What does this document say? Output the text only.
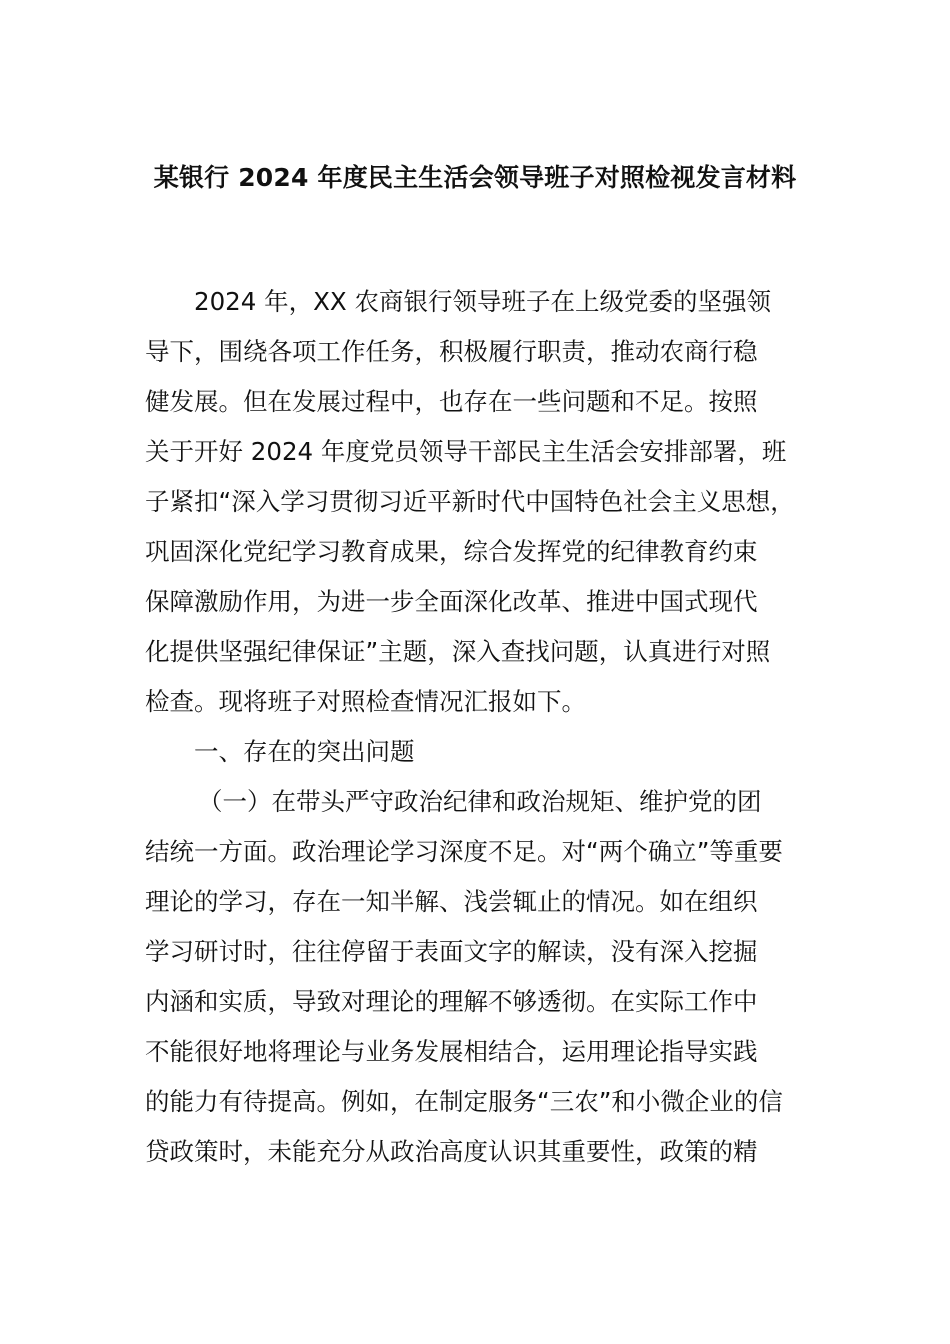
某银行 2024 年度民主生活会领导班子对照检视发言材料

2024 年，XX 农商银行领导班子在上级党委的坚强领

导下，围绕各项工作任务，积极履行职责，推动农商行稳

健发展。但在发展过程中，也存在一些问题和不足。按照

关于开好 2024 年度党员领导干部民主生活会安排部署，班

子紧扣“深入学习贯彻习近平新时代中国特色社会主义思想，

巩固深化党纪学习教育成果，综合发挥党的纪律教育约束

保障激励作用，为进一步全面深化改革、推进中国式现代

化提供坚强纪律保证”主题，深入查找问题，认真进行对照

检查。现将班子对照检查情况汇报如下。

一、存在的突出问题

（一）在带头严守政治纪律和政治规矩、维护党的团

结统一方面。政治理论学习深度不足。对“两个确立”等重要

理论的学习，存在一知半解、浅尝辄止的情况。如在组织

学习研讨时，往往停留于表面文字的解读，没有深入挖掘

内涵和实质，导致对理论的理解不够透彻。在实际工作中

不能很好地将理论与业务发展相结合，运用理论指导实践

的能力有待提高。例如，在制定服务“三农”和小微企业的信

贷政策时，未能充分从政治高度认识其重要性，政策的精
